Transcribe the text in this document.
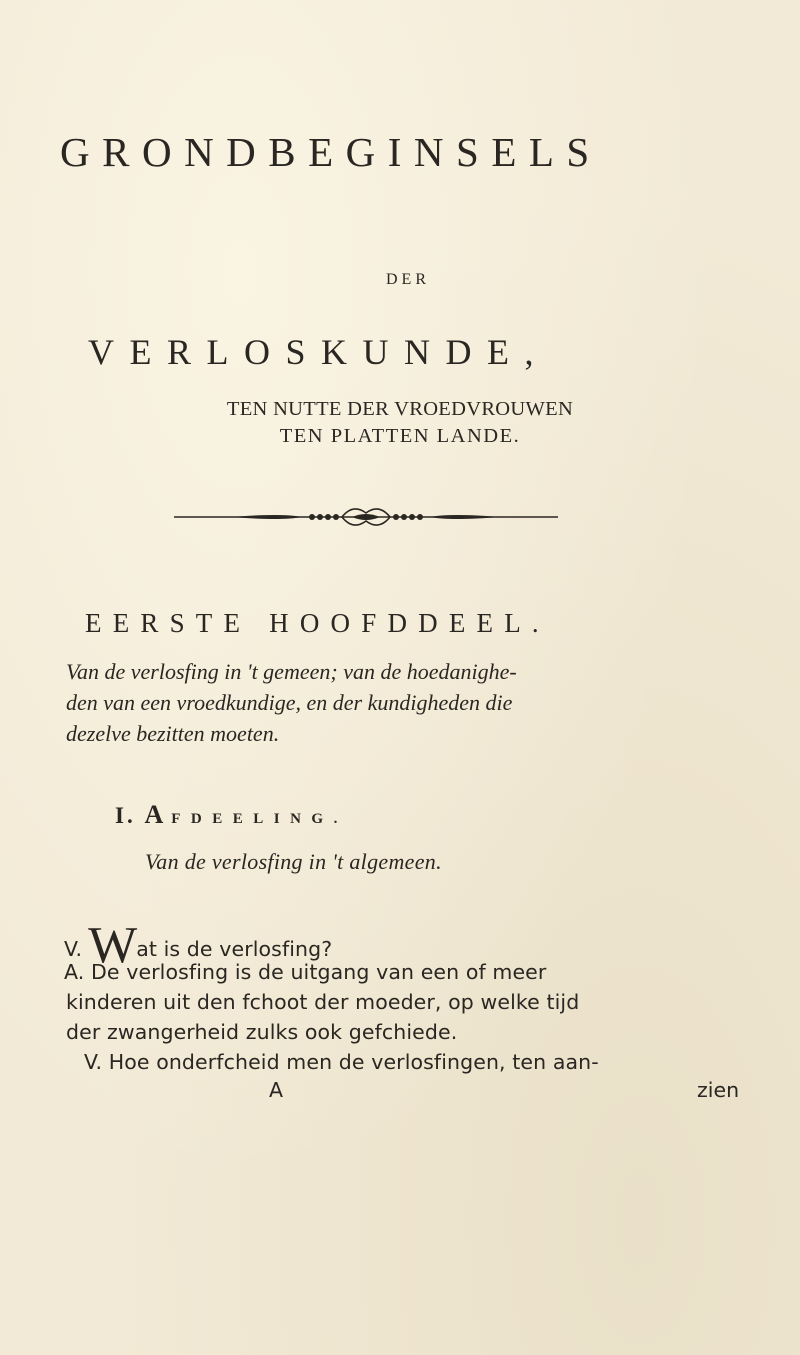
GRONDBEGINSELS
DER
VERLOSKUNDE,
TEN NUTTE DER VROEDVROUWEN
TEN PLATTEN LANDE.
EERSTE HOOFDDEEL.
Van de verlosfing in 't gemeen; van de hoedanighe-
den van een vroedkundige, en der kundigheden die
dezelve bezitten moeten.
I. AFDEELING.
Van de verlosfing in 't algemeen.
V. Wat is de verlosfing?
A. De verlosfing is de uitgang van een of meer
kinderen uit den fchoot der moeder, op welke tijd
der zwangerheid zulks ook gefchiede.
V. Hoe onderfcheid men de verlosfingen, ten aan-
A	zien
